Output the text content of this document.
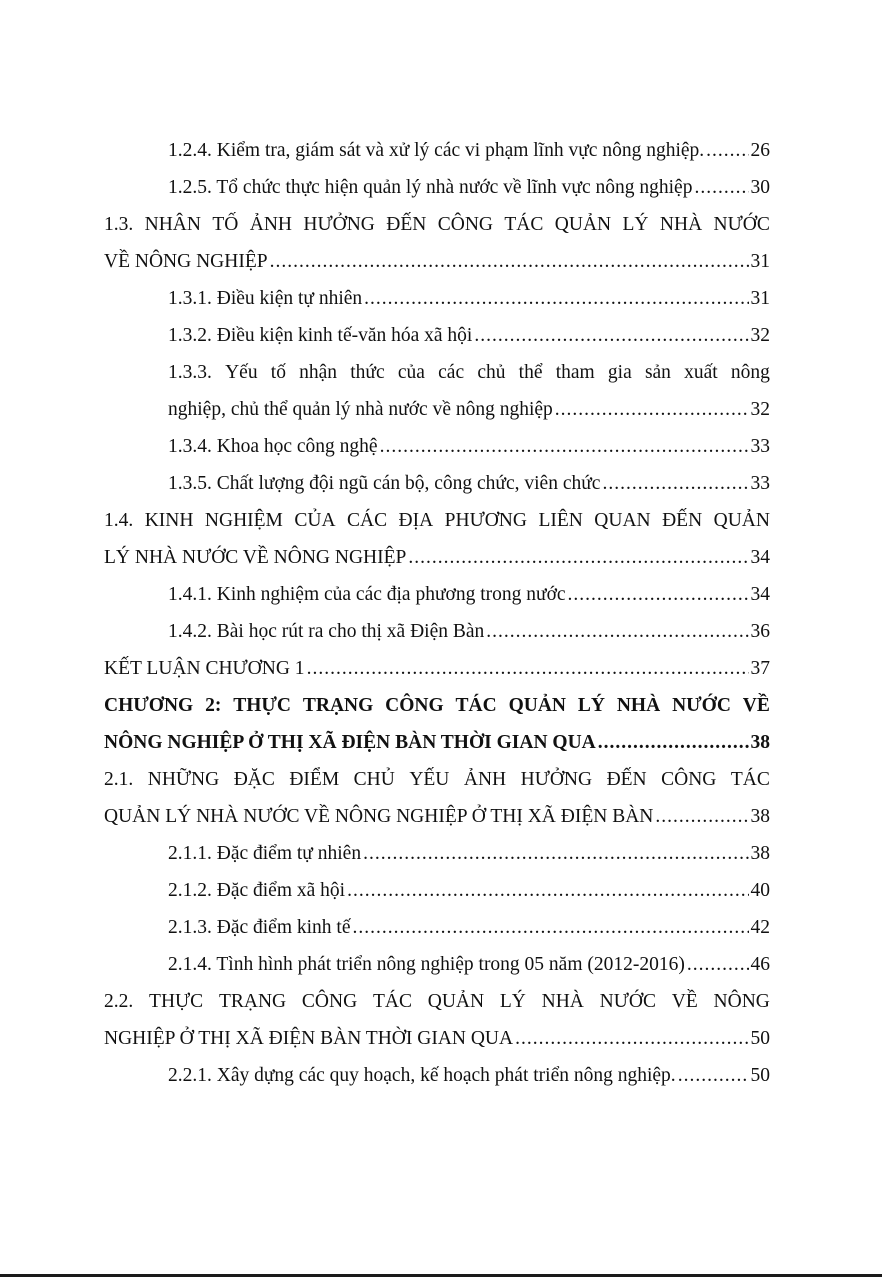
1.2.4. Kiểm tra, giám sát và xử lý các vi phạm lĩnh vực nông nghiệp. ..... 26
1.2.5. Tổ chức thực hiện quản lý nhà nước về lĩnh vực nông nghiệp .....	30
1.3. NHÂN TỐ ẢNH HƯỞNG ĐẾN CÔNG TÁC QUẢN LÝ NHÀ NƯỚC
VỀ NÔNG NGHIỆP .....	31
1.3.1. Điều kiện tự nhiên .....	31
1.3.2. Điều kiện kinh tế-văn hóa xã hội .....	32
1.3.3. Yếu tố nhận thức của các chủ thể tham gia sản xuất nông
nghiệp, chủ thể quản lý nhà nước về nông nghiệp .....	32
1.3.4. Khoa học công nghệ .....	33
1.3.5. Chất lượng đội ngũ cán bộ, công chức, viên chức .....	33
1.4. KINH NGHIỆM CỦA CÁC ĐỊA PHƯƠNG LIÊN QUAN ĐẾN QUẢN
LÝ NHÀ NƯỚC VỀ NÔNG NGHIỆP .....	34
1.4.1. Kinh nghiệm của các địa phương trong nước .....	34
1.4.2. Bài học rút ra cho thị xã Điện Bàn .....	36
KẾT LUẬN CHƯƠNG 1 .....	37
CHƯƠNG 2: THỰC TRẠNG CÔNG TÁC QUẢN LÝ NHÀ NƯỚC VỀ
NÔNG NGHIỆP Ở THỊ XÃ ĐIỆN BÀN THỜI GIAN QUA .....	38
2.1. NHỮNG ĐẶC ĐIỂM CHỦ YẾU ẢNH HƯỞNG ĐẾN CÔNG TÁC
QUẢN LÝ NHÀ NƯỚC VỀ NÔNG NGHIỆP Ở THỊ XÃ ĐIỆN BÀN .....	38
2.1.1. Đặc điểm tự nhiên .....	38
2.1.2. Đặc điểm xã hội .....	40
2.1.3. Đặc điểm kinh tế .....	42
2.1.4. Tình hình phát triển nông nghiệp trong 05 năm (2012-2016) .....	46
2.2. THỰC TRẠNG CÔNG TÁC QUẢN LÝ NHÀ NƯỚC VỀ NÔNG
NGHIỆP Ở THỊ XÃ ĐIỆN BÀN THỜI GIAN QUA .....	50
2.2.1. Xây dựng các quy hoạch, kế hoạch phát triển nông nghiệp. .....	50
